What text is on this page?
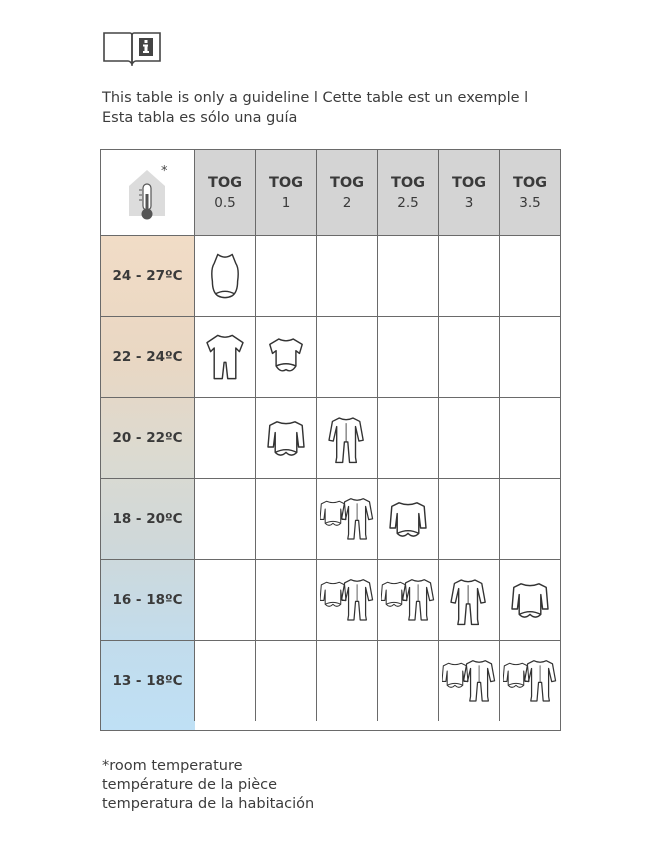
This table is only a guideline l Cette table est un exemple l
Esta tabla es sólo una guía
*
TOG
0.5
TOG
1
TOG
2
TOG
2.5
TOG
3
TOG
3.5
24 - 27ºC
22 - 24ºC
20 - 22ºC
18 - 20ºC
16 - 18ºC
13 - 18ºC
*room temperature
température de la pièce
temperatura de la habitación
